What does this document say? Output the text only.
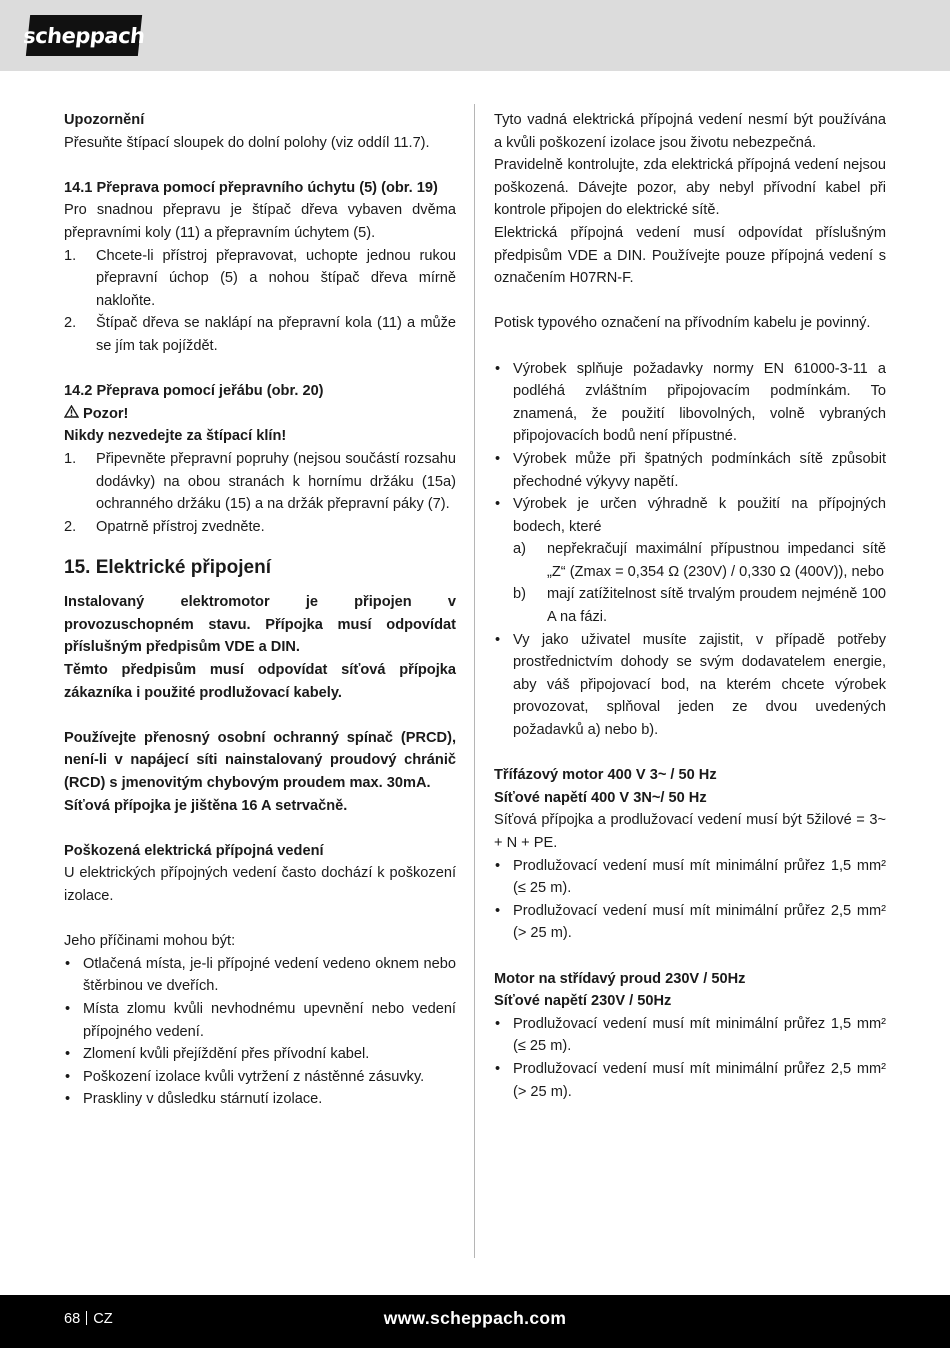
scheppach

Upozornění

Přesuňte štípací sloupek do dolní polohy (viz oddíl 11.7).

14.1 Přeprava pomocí přepravního úchytu (5) (obr. 19)

Pro snadnou přepravu je štípač dřeva vybaven dvěma přepravními koly (11) a přepravním úchytem (5).

1. Chcete-li přístroj přepravovat, uchopte jednou rukou přepravní úchop (5) a nohou štípač dřeva mírně nakloňte.
2. Štípač dřeva se naklápí na přepravní kola (11) a může se jím tak pojíždět.

14.2 Přeprava pomocí jeřábu (obr. 20)

Pozor!

Nikdy nezvedejte za štípací klín!

1. Připevněte přepravní popruhy (nejsou součástí rozsahu dodávky) na obou stranách k hornímu držáku (15a) ochranného držáku (15) a na držák přepravní páky (7).
2. Opatrně přístroj zvedněte.

15. Elektrické připojení

Instalovaný elektromotor je připojen v provozuschopném stavu. Přípojka musí odpovídat příslušným předpisům VDE a DIN.

Těmto předpisům musí odpovídat síťová přípojka zákazníka i použité prodlužovací kabely.

Používejte přenosný osobní ochranný spínač (PRCD), není-li v napájecí síti nainstalovaný proudový chránič (RCD) s jmenovitým chybovým proudem max. 30mA.

Síťová přípojka je jištěna 16 A setrvačně.

Poškozená elektrická přípojná vedení

U elektrických přípojných vedení často dochází k poškození izolace.

Jeho příčinami mohou být:

• Otlačená místa, je-li přípojné vedení vedeno oknem nebo štěrbinou ve dveřích.
• Místa zlomu kvůli nevhodnému upevnění nebo vedení přípojného vedení.
• Zlomení kvůli přejíždění přes přívodní kabel.
• Poškození izolace kvůli vytržení z nástěnné zásuvky.
• Praskliny v důsledku stárnutí izolace.

Tyto vadná elektrická přípojná vedení nesmí být používána a kvůli poškození izolace jsou životu nebezpečná.

Pravidelně kontrolujte, zda elektrická přípojná vedení nejsou poškozená. Dávejte pozor, aby nebyl přívodní kabel při kontrole připojen do elektrické sítě.

Elektrická přípojná vedení musí odpovídat příslušným předpisům VDE a DIN. Používejte pouze přípojná vedení s označením H07RN-F.

Potisk typového označení na přívodním kabelu je povinný.

• Výrobek splňuje požadavky normy EN 61000-3-11 a podléhá zvláštním připojovacím podmínkám. To znamená, že použití libovolných, volně vybraných připojovacích bodů není přípustné.
• Výrobek může při špatných podmínkách sítě způsobit přechodné výkyvy napětí.
• Výrobek je určen výhradně k použití na přípojných bodech, které
a) nepřekračují maximální přípustnou impedanci sítě „Z“ (Zmax = 0,354 Ω (230V) / 0,330 Ω (400V)), nebo
b) mají zatížitelnost sítě trvalým proudem nejméně 100 A na fázi.
• Vy jako uživatel musíte zajistit, v případě potřeby prostřednictvím dohody se svým dodavatelem energie, aby váš připojovací bod, na kterém chcete výrobek provozovat, splňoval jeden ze dvou uvedených požadavků a) nebo b).

Třífázový motor 400 V 3~ / 50 Hz

Síťové napětí 400 V 3N~/ 50 Hz

Síťová přípojka a prodlužovací vedení musí být 5žilové = 3~ + N + PE.

• Prodlužovací vedení musí mít minimální průřez 1,5 mm² (≤ 25 m).
• Prodlužovací vedení musí mít minimální průřez 2,5 mm² (> 25 m).

Motor na střídavý proud 230V / 50Hz

Síťové napětí 230V / 50Hz

• Prodlužovací vedení musí mít minimální průřez 1,5 mm² (≤ 25 m).
• Prodlužovací vedení musí mít minimální průřez 2,5 mm² (> 25 m).
68 CZ	www.scheppach.com
